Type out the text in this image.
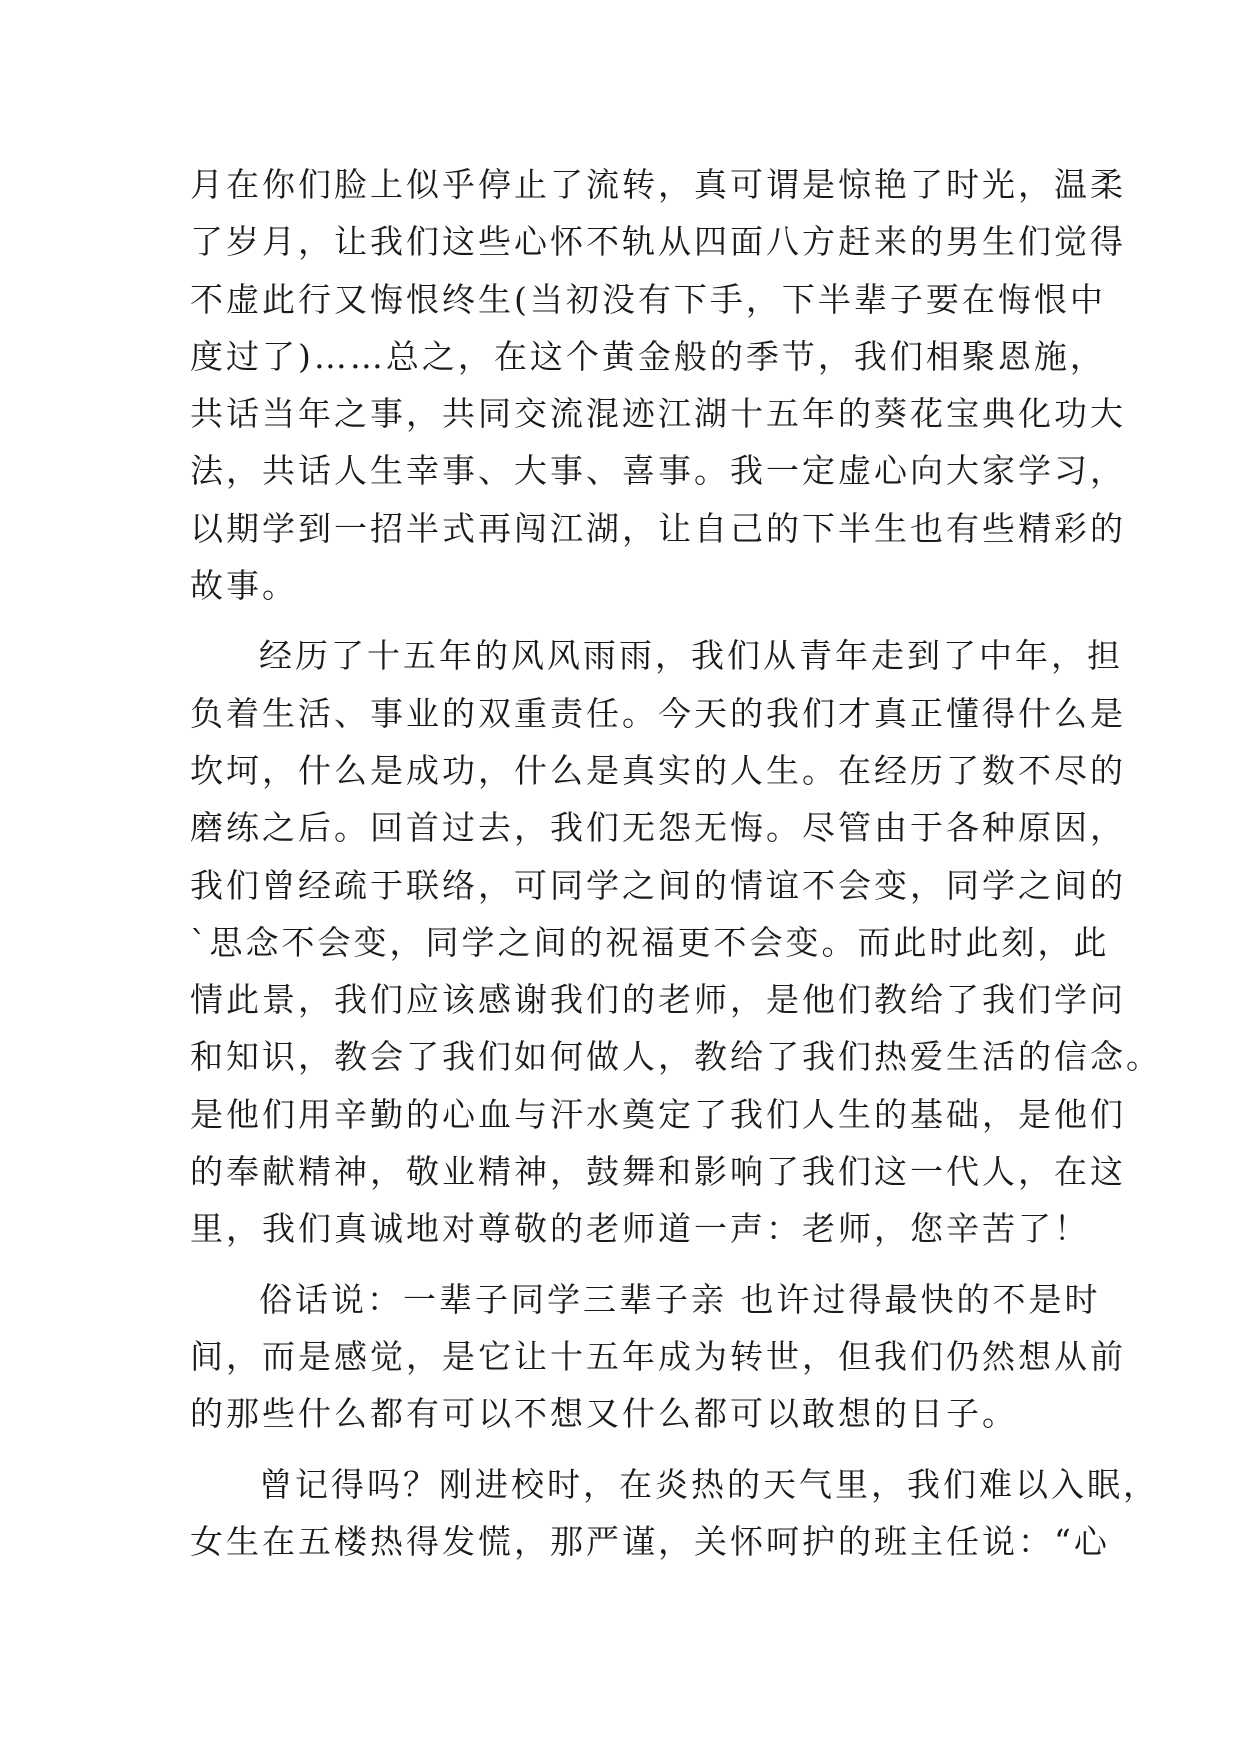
月在你们脸上似乎停止了流转，真可谓是惊艳了时光，温柔
了岁月，让我们这些心怀不轨从四面八方赶来的男生们觉得
不虚此行又悔恨终生(当初没有下手，下半辈子要在悔恨中
度过了)……总之，在这个黄金般的季节，我们相聚恩施，
共话当年之事，共同交流混迹江湖十五年的葵花宝典化功大
法，共话人生幸事、大事、喜事。我一定虚心向大家学习，
以期学到一招半式再闯江湖，让自己的下半生也有些精彩的
故事。
经历了十五年的风风雨雨，我们从青年走到了中年，担
负着生活、事业的双重责任。今天的我们才真正懂得什么是
坎坷，什么是成功，什么是真实的人生。在经历了数不尽的
磨练之后。回首过去，我们无怨无悔。尽管由于各种原因，
我们曾经疏于联络，可同学之间的情谊不会变，同学之间的
`思念不会变，同学之间的祝福更不会变。而此时此刻，此
情此景，我们应该感谢我们的老师，是他们教给了我们学问
和知识，教会了我们如何做人，教给了我们热爱生活的信念。
是他们用辛勤的心血与汗水奠定了我们人生的基础，是他们
的奉献精神，敬业精神，鼓舞和影响了我们这一代人，在这
里，我们真诚地对尊敬的老师道一声：老师，您辛苦了！
俗话说：一辈子同学三辈子亲 也许过得最快的不是时
间，而是感觉，是它让十五年成为转世，但我们仍然想从前
的那些什么都有可以不想又什么都可以敢想的日子。
曾记得吗？刚进校时，在炎热的天气里，我们难以入眠，
女生在五楼热得发慌，那严谨，关怀呵护的班主任说：“心
